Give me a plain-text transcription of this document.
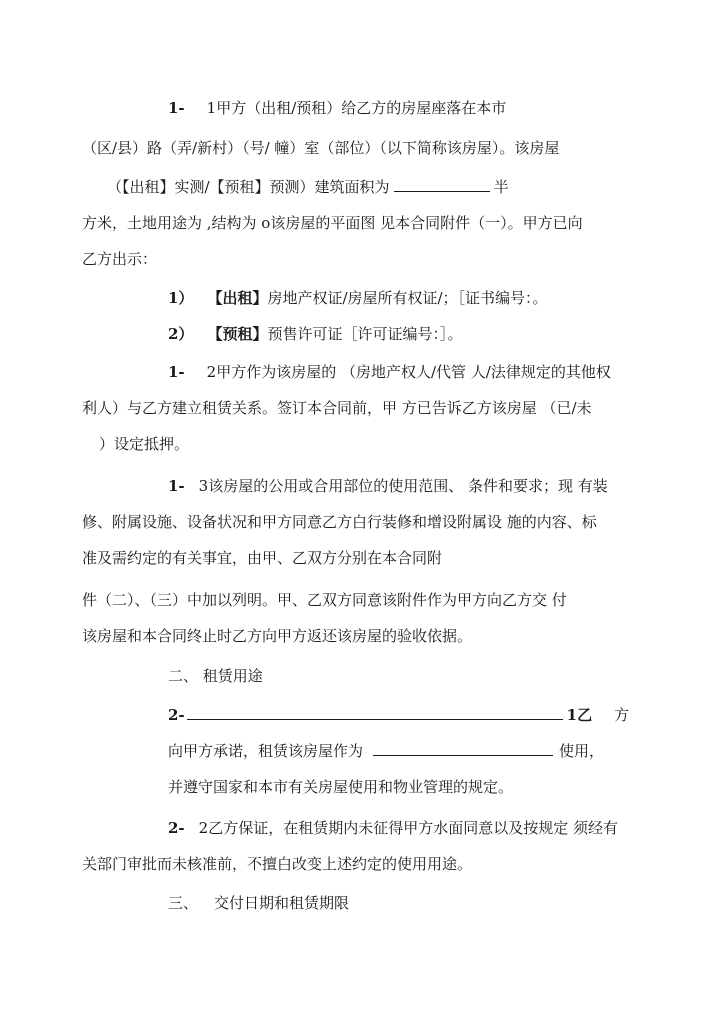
1- 1甲方（出租/预租）给乙方的房屋座落在本市
（区/县）路（弄/新村）（号/ 幢）室（部位）（以下简称该房屋）。该房屋
（【出租】实测/【预租】预测）建筑面积为	半
方米，土地用途为 ,结构为 o该房屋的平面图 见本合同附件（一）。甲方已向
乙方出示：
1） 【出租】房地产权证/房屋所有权证/；［证书编号：。
2） 【预租】预售许可证［许可证编号：］。
1- 2甲方作为该房屋的 （房地产权人/代管 人/法律规定的其他权
利人）与乙方建立租赁关系。签订本合同前，甲 方已告诉乙方该房屋 （已/未
）设定抵押。
1- 3该房屋的公用或合用部位的使用范围、 条件和要求；现 有装
修、附属设施、设备状况和甲方同意乙方白行装修和增设附属设 施的内容、标
准及需约定的有关事宜，由甲、乙双方分别在本合同附
件（二）、（三）中加以列明。甲、乙双方同意该附件作为甲方向乙方交 付
该房屋和本合同终止时乙方向甲方返还该房屋的验收依据。
二、 租赁用途
2-	1乙 方
向甲方承诺，租赁该房屋作为	使用，
并遵守国家和本市有关房屋使用和物业管理的规定。
2- 2乙方保证，在租赁期内未征得甲方水面同意以及按规定 须经有
关部门审批而未核准前，不擅白改变上述约定的使用用途。
三、 交付日期和租赁期限
